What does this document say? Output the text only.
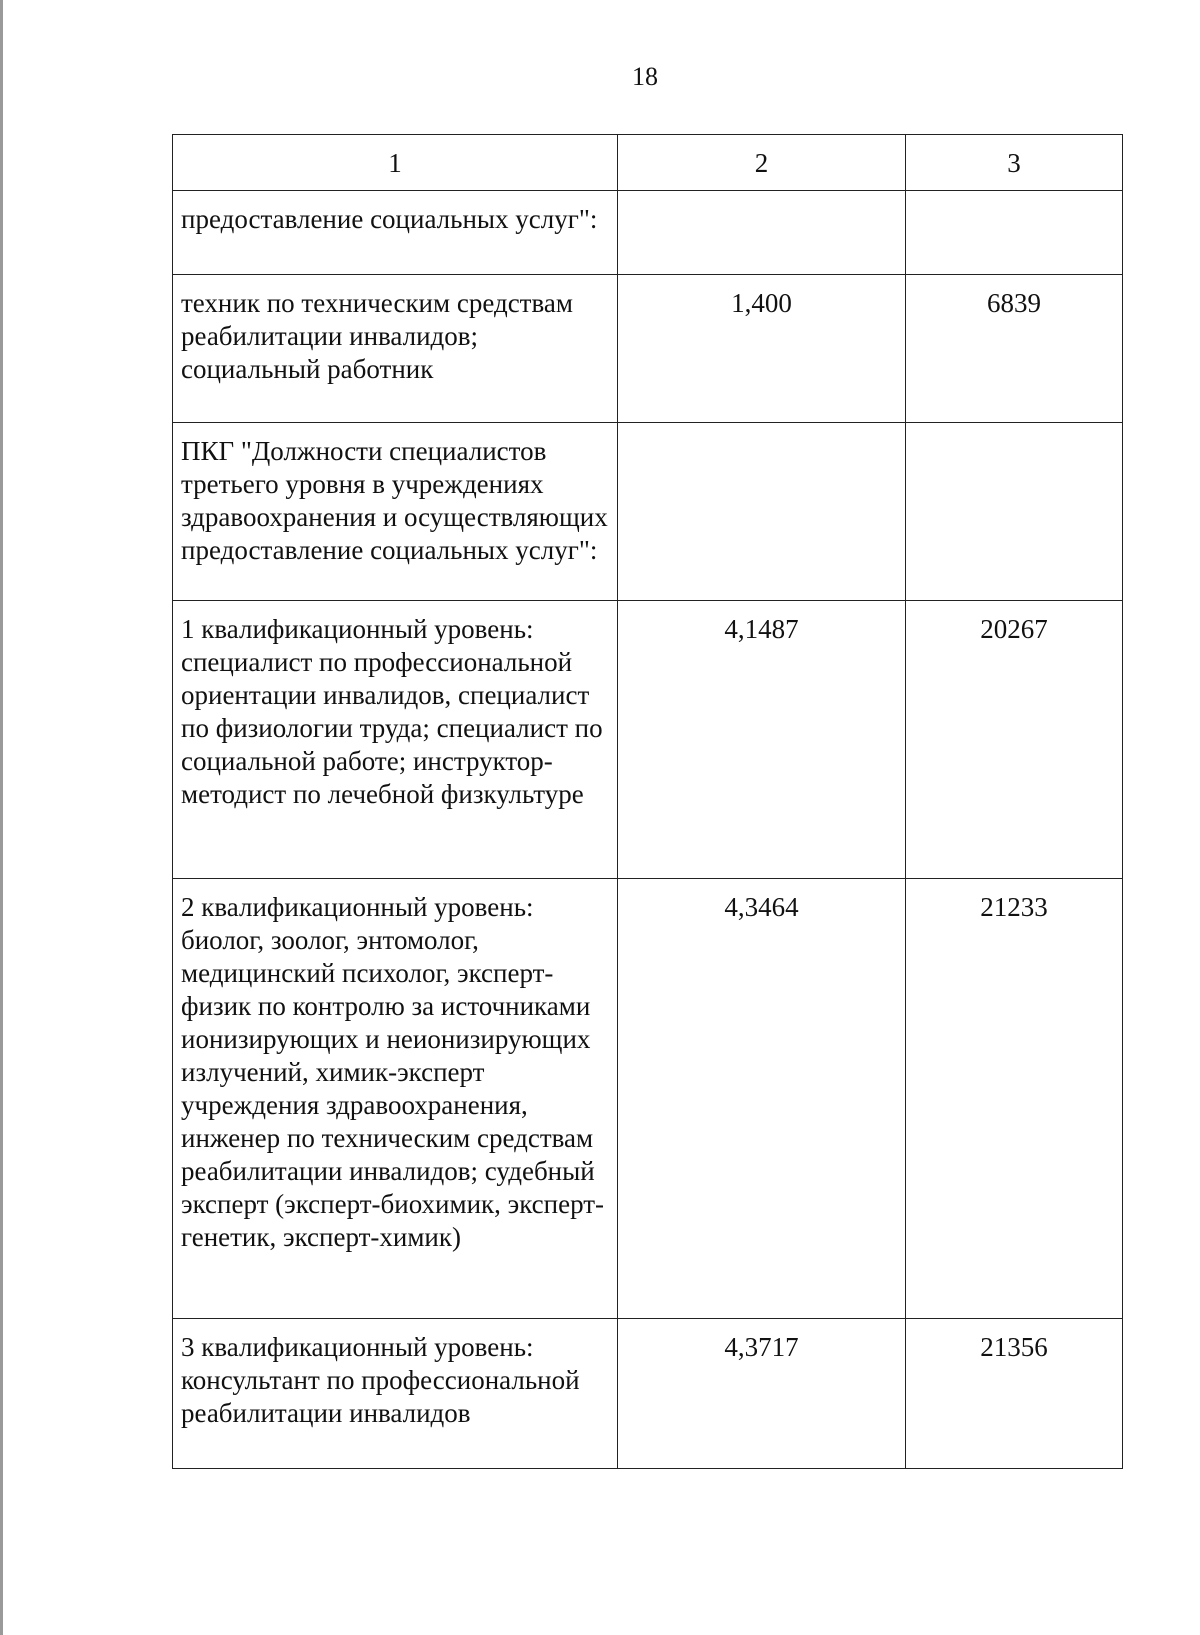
18
1	2	3
предоставление социальных услуг":		
техник по техническим средствам реабилитации инвалидов; социальный работник	1,400	6839
ПКГ "Должности специалистов третьего уровня в учреждениях здравоохранения и осуществляющих предоставление социальных услуг":		
1 квалификационный уровень: специалист по профессиональной ориентации инвалидов, специалист по физиологии труда; специалист по социальной работе; инструктор-методист по лечебной физкультуре	4,1487	20267
2 квалификационный уровень: биолог, зоолог, энтомолог, медицинский психолог, эксперт-физик по контролю за источниками ионизирующих и неионизирующих излучений, химик-эксперт учреждения здравоохранения, инженер по техническим средствам реабилитации инвалидов; судебный эксперт (эксперт-биохимик, эксперт-генетик, эксперт-химик)	4,3464	21233
3 квалификационный уровень: консультант по профессиональной реабилитации инвалидов	4,3717	21356
